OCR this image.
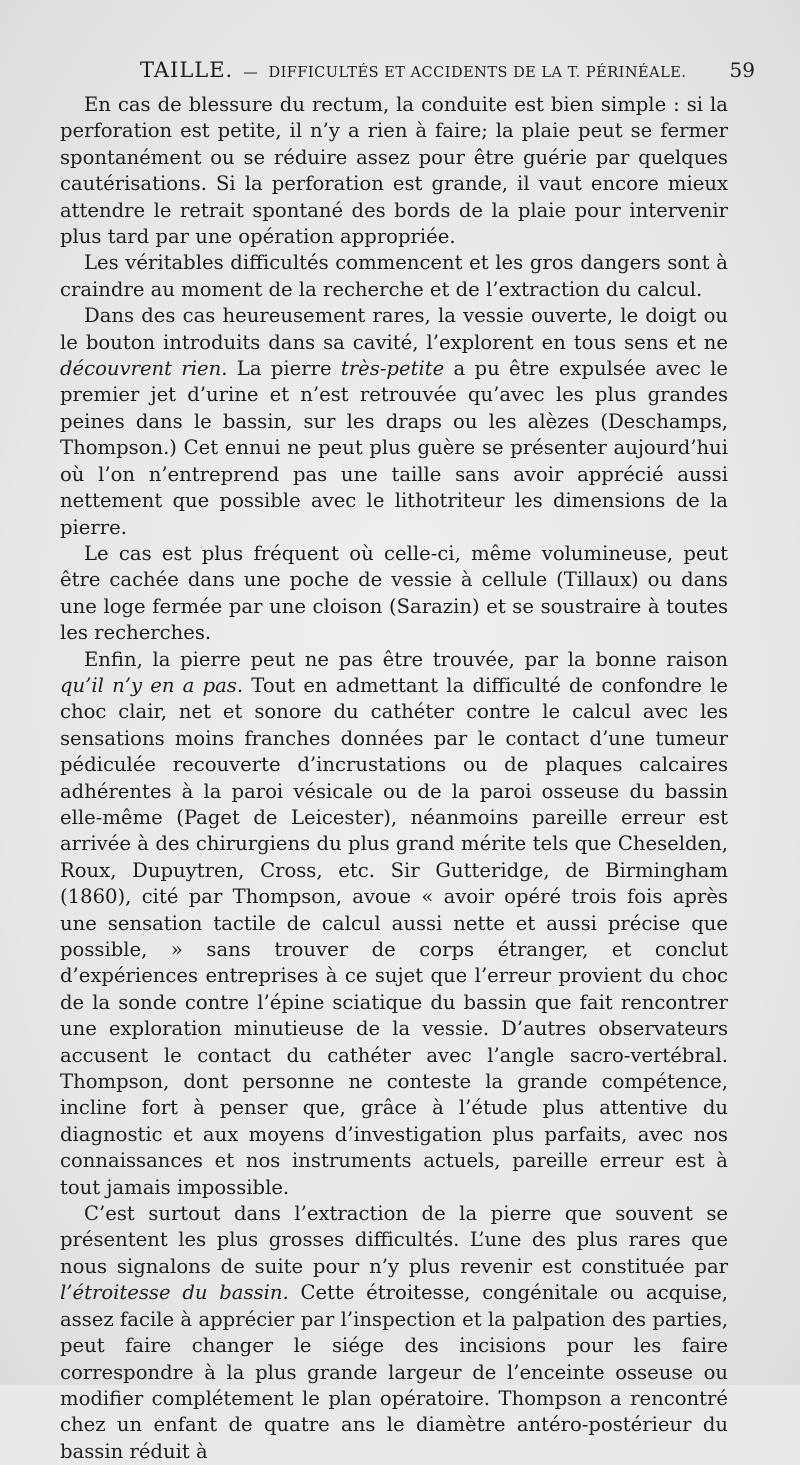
TAILLE. — DIFFICULTÉS ET ACCIDENTS DE LA T. PÉRINÉALE. 59

En cas de blessure du rectum, la conduite est bien simple : si la perforation est petite, il n’y a rien à faire; la plaie peut se fermer spontanément ou se réduire assez pour être guérie par quelques cautérisations. Si la perforation est grande, il vaut encore mieux attendre le retrait spontané des bords de la plaie pour intervenir plus tard par une opération appropriée.

Les véritables difficultés commencent et les gros dangers sont à craindre au moment de la recherche et de l’extraction du calcul.

Dans des cas heureusement rares, la vessie ouverte, le doigt ou le bouton introduits dans sa cavité, l’explorent en tous sens et ne découvrent rien. La pierre très-petite a pu être expulsée avec le premier jet d’urine et n’est retrouvée qu’avec les plus grandes peines dans le bassin, sur les draps ou les alèzes (Deschamps, Thompson.) Cet ennui ne peut plus guère se présenter aujourd’hui où l’on n’entreprend pas une taille sans avoir apprécié aussi nettement que possible avec le lithotriteur les dimensions de la pierre.

Le cas est plus fréquent où celle-ci, même volumineuse, peut être cachée dans une poche de vessie à cellule (Tillaux) ou dans une loge fermée par une cloison (Sarazin) et se soustraire à toutes les recherches.

Enfin, la pierre peut ne pas être trouvée, par la bonne raison qu’il n’y en a pas. Tout en admettant la difficulté de confondre le choc clair, net et sonore du cathéter contre le calcul avec les sensations moins franches données par le contact d’une tumeur pédiculée recouverte d’incrustations ou de plaques calcaires adhérentes à la paroi vésicale ou de la paroi osseuse du bassin elle-même (Paget de Leicester), néanmoins pareille erreur est arrivée à des chirurgiens du plus grand mérite tels que Cheselden, Roux, Dupuytren, Cross, etc. Sir Gutteridge, de Birmingham (1860), cité par Thompson, avoue « avoir opéré trois fois après une sensation tactile de calcul aussi nette et aussi précise que possible, » sans trouver de corps étranger, et conclut d’expériences entreprises à ce sujet que l’erreur provient du choc de la sonde contre l’épine sciatique du bassin que fait rencontrer une exploration minutieuse de la vessie. D’autres observateurs accusent le contact du cathéter avec l’angle sacro-vertébral. Thompson, dont personne ne conteste la grande compétence, incline fort à penser que, grâce à l’étude plus attentive du diagnostic et aux moyens d’investigation plus parfaits, avec nos connaissances et nos instruments actuels, pareille erreur est à tout jamais impossible.

C’est surtout dans l’extraction de la pierre que souvent se présentent les plus grosses difficultés. L’une des plus rares que nous signalons de suite pour n’y plus revenir est constituée par l’étroitesse du bassin. Cette étroitesse, congénitale ou acquise, assez facile à apprécier par l’inspection et la palpation des parties, peut faire changer le siége des incisions pour les faire correspondre à la plus grande largeur de l’enceinte osseuse ou modifier complétement le plan opératoire. Thompson a rencontré chez un enfant de quatre ans le diamètre antéro-postérieur du bassin réduit à
